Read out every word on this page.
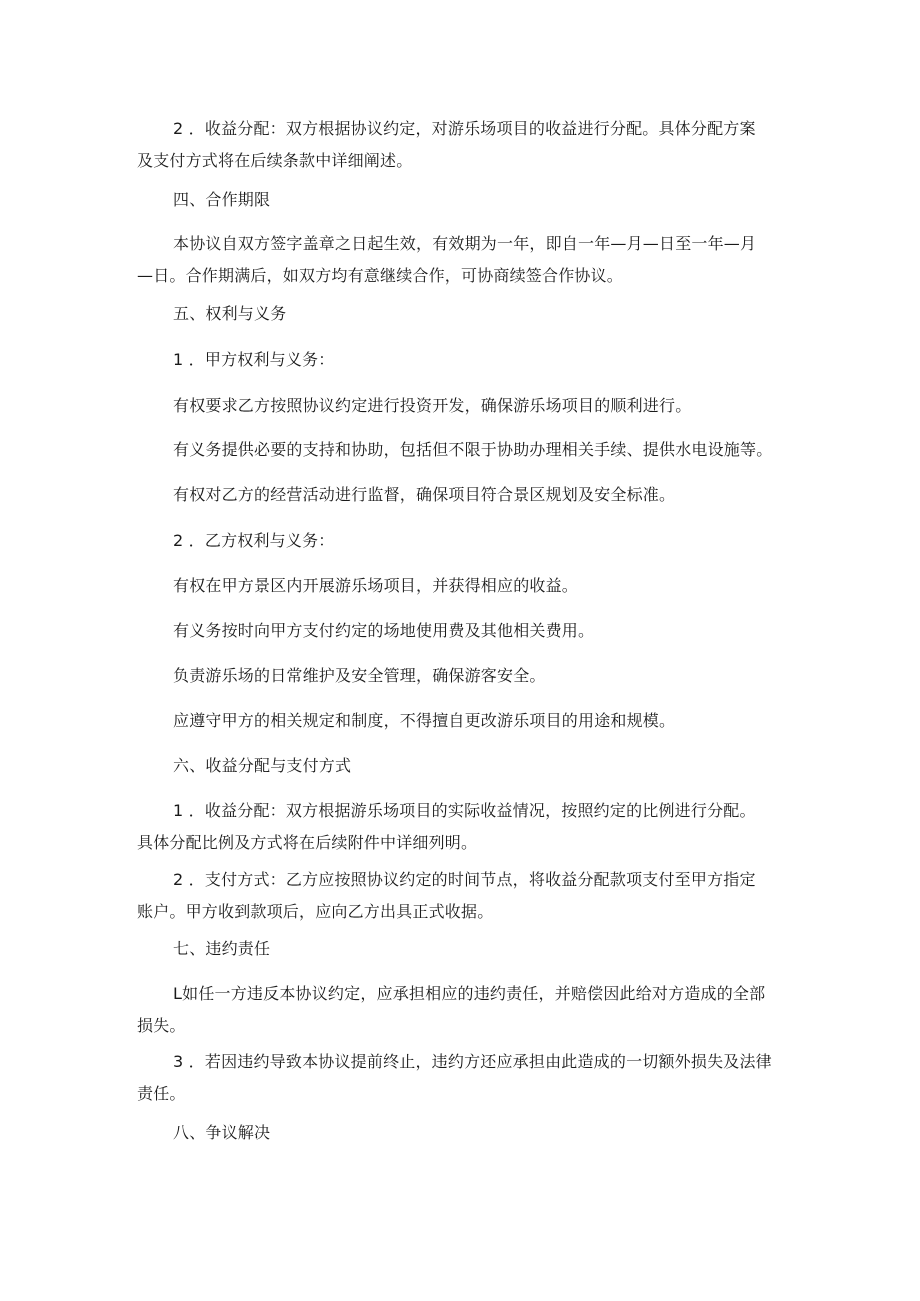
2 ．收益分配：双方根据协议约定，对游乐场项目的收益进行分配。具体分配方案
及支付方式将在后续条款中详细阐述。
四、合作期限
本协议自双方签字盖章之日起生效，有效期为一年，即自一年—月—日至一年—月
—日。合作期满后，如双方均有意继续合作，可协商续签合作协议。
五、权利与义务
1 ．甲方权利与义务：
有权要求乙方按照协议约定进行投资开发，确保游乐场项目的顺利进行。
有义务提供必要的支持和协助，包括但不限于协助办理相关手续、提供水电设施等。
有权对乙方的经营活动进行监督，确保项目符合景区规划及安全标准。
2 ．乙方权利与义务：
有权在甲方景区内开展游乐场项目，并获得相应的收益。
有义务按时向甲方支付约定的场地使用费及其他相关费用。
负责游乐场的日常维护及安全管理，确保游客安全。
应遵守甲方的相关规定和制度，不得擅自更改游乐项目的用途和规模。
六、收益分配与支付方式
1 ．收益分配：双方根据游乐场项目的实际收益情况，按照约定的比例进行分配。
具体分配比例及方式将在后续附件中详细列明。
2 ．支付方式：乙方应按照协议约定的时间节点，将收益分配款项支付至甲方指定
账户。甲方收到款项后，应向乙方出具正式收据。
七、违约责任
L如任一方违反本协议约定，应承担相应的违约责任，并赔偿因此给对方造成的全部
损失。
3 ．若因违约导致本协议提前终止，违约方还应承担由此造成的一切额外损失及法律
责任。
八、争议解决
